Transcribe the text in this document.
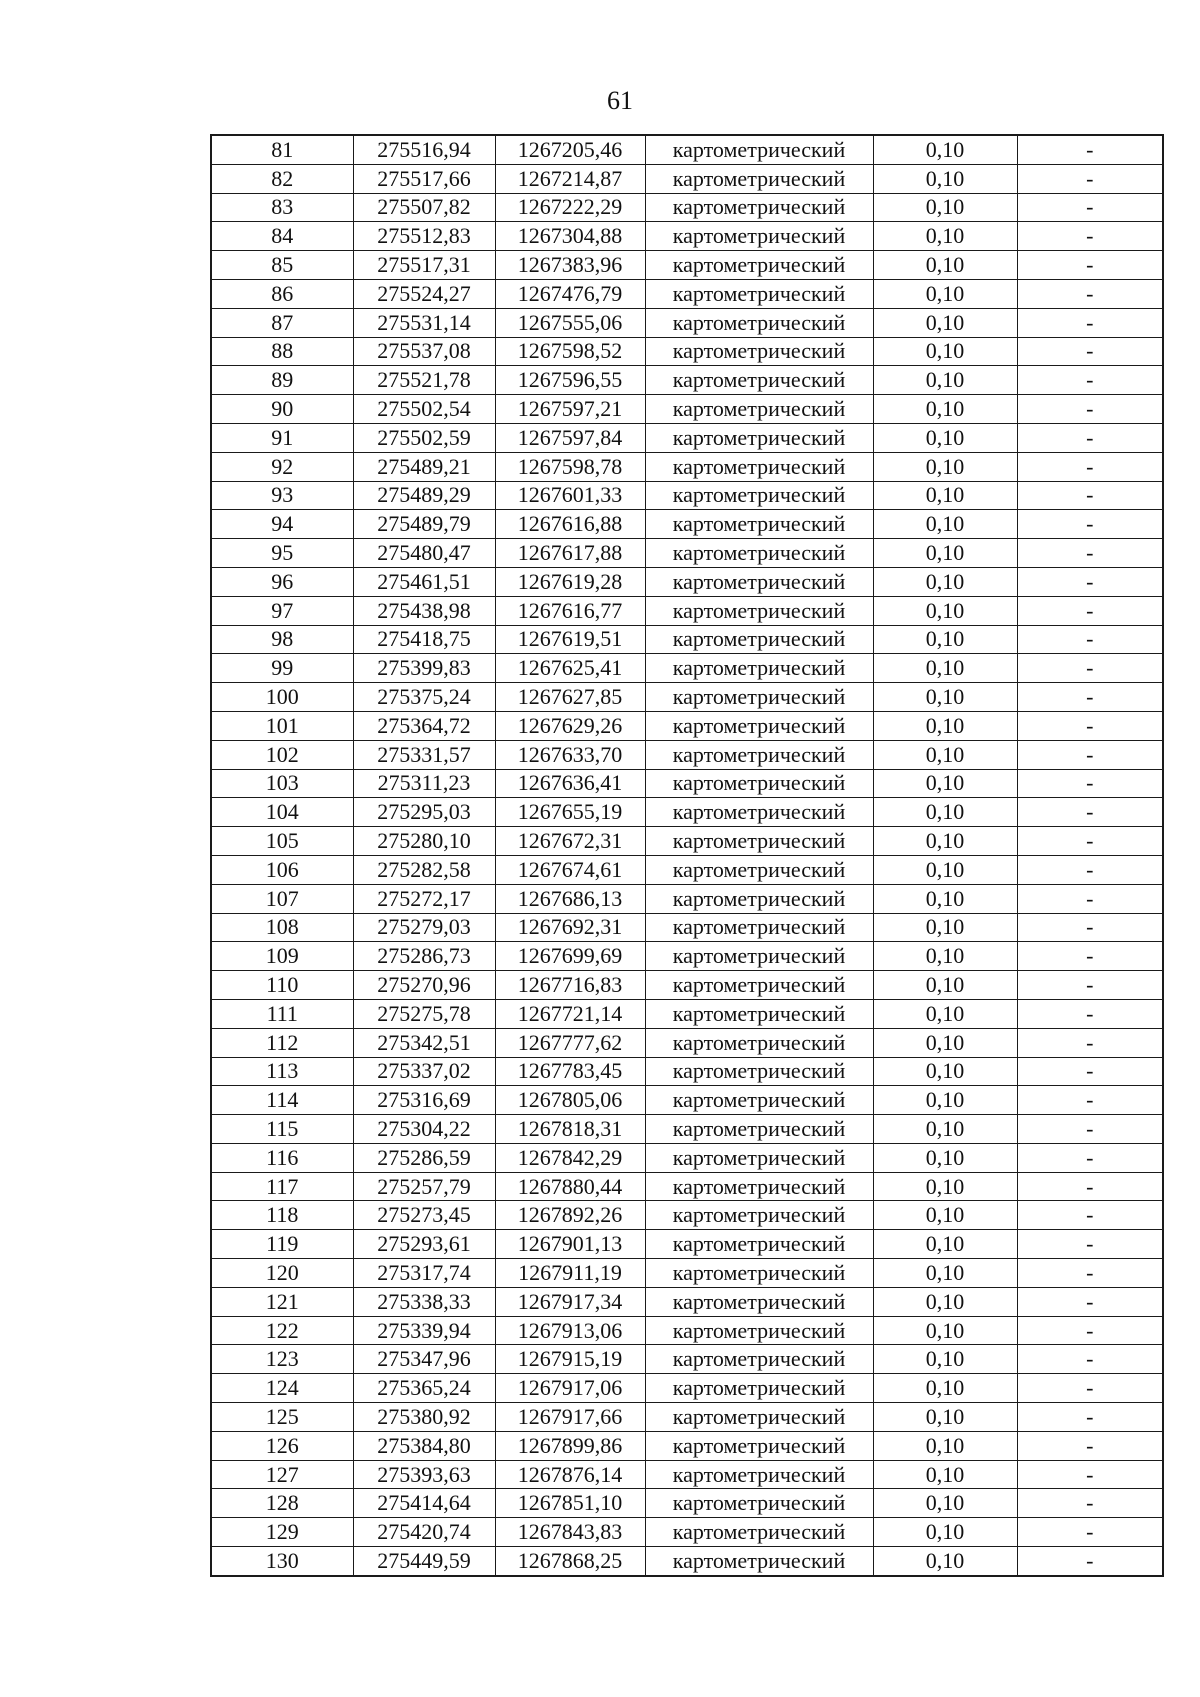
61
81	275516,94	1267205,46	картометрический	0,10	-
82	275517,66	1267214,87	картометрический	0,10	-
83	275507,82	1267222,29	картометрический	0,10	-
84	275512,83	1267304,88	картометрический	0,10	-
85	275517,31	1267383,96	картометрический	0,10	-
86	275524,27	1267476,79	картометрический	0,10	-
87	275531,14	1267555,06	картометрический	0,10	-
88	275537,08	1267598,52	картометрический	0,10	-
89	275521,78	1267596,55	картометрический	0,10	-
90	275502,54	1267597,21	картометрический	0,10	-
91	275502,59	1267597,84	картометрический	0,10	-
92	275489,21	1267598,78	картометрический	0,10	-
93	275489,29	1267601,33	картометрический	0,10	-
94	275489,79	1267616,88	картометрический	0,10	-
95	275480,47	1267617,88	картометрический	0,10	-
96	275461,51	1267619,28	картометрический	0,10	-
97	275438,98	1267616,77	картометрический	0,10	-
98	275418,75	1267619,51	картометрический	0,10	-
99	275399,83	1267625,41	картометрический	0,10	-
100	275375,24	1267627,85	картометрический	0,10	-
101	275364,72	1267629,26	картометрический	0,10	-
102	275331,57	1267633,70	картометрический	0,10	-
103	275311,23	1267636,41	картометрический	0,10	-
104	275295,03	1267655,19	картометрический	0,10	-
105	275280,10	1267672,31	картометрический	0,10	-
106	275282,58	1267674,61	картометрический	0,10	-
107	275272,17	1267686,13	картометрический	0,10	-
108	275279,03	1267692,31	картометрический	0,10	-
109	275286,73	1267699,69	картометрический	0,10	-
110	275270,96	1267716,83	картометрический	0,10	-
111	275275,78	1267721,14	картометрический	0,10	-
112	275342,51	1267777,62	картометрический	0,10	-
113	275337,02	1267783,45	картометрический	0,10	-
114	275316,69	1267805,06	картометрический	0,10	-
115	275304,22	1267818,31	картометрический	0,10	-
116	275286,59	1267842,29	картометрический	0,10	-
117	275257,79	1267880,44	картометрический	0,10	-
118	275273,45	1267892,26	картометрический	0,10	-
119	275293,61	1267901,13	картометрический	0,10	-
120	275317,74	1267911,19	картометрический	0,10	-
121	275338,33	1267917,34	картометрический	0,10	-
122	275339,94	1267913,06	картометрический	0,10	-
123	275347,96	1267915,19	картометрический	0,10	-
124	275365,24	1267917,06	картометрический	0,10	-
125	275380,92	1267917,66	картометрический	0,10	-
126	275384,80	1267899,86	картометрический	0,10	-
127	275393,63	1267876,14	картометрический	0,10	-
128	275414,64	1267851,10	картометрический	0,10	-
129	275420,74	1267843,83	картометрический	0,10	-
130	275449,59	1267868,25	картометрический	0,10	-
